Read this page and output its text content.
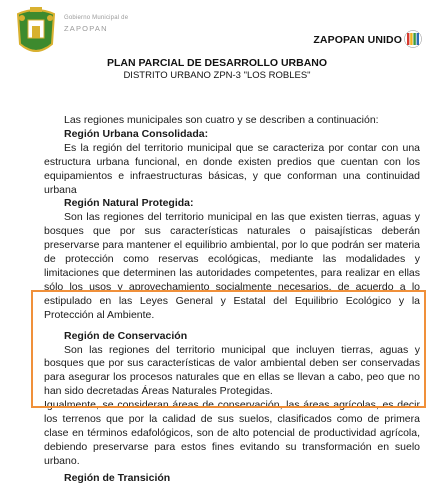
Gobierno Municipal de
ZAPOPAN
ZAPOPAN UNIDO
PLAN PARCIAL DE DESARROLLO URBANO
DISTRITO URBANO ZPN-3 "LOS ROBLES"

Las regiones municipales son cuatro y se describen a continuación:

Región Urbana Consolidada:

Es la región del territorio municipal que se caracteriza por contar con una estructura urbana funcional, en donde existen predios que cuentan con los equipamientos e infraestructuras básicas, y que conforman una continuidad urbana

Región Natural Protegida:

Son las regiones del territorio municipal en las que existen tierras, aguas y bosques que por sus características naturales o paisajísticas deberán preservarse para mantener el equilibrio ambiental, por lo que podrán ser materia de protección como reservas ecológicas, mediante las modalidades y limitaciones que determinen las autoridades competentes, para realizar en ellas sólo los usos y aprovechamiento socialmente necesarios, de acuerdo a lo estipulado en las Leyes General y Estatal del Equilibrio Ecológico y la Protección al Ambiente.

Región de Conservación

Son las regiones del territorio municipal que incluyen tierras, aguas y bosques que por sus características de valor ambiental deben ser conservadas para asegurar los procesos naturales que en ellas se llevan a cabo, peo que no han sido decretadas Áreas Naturales Protegidas.

Igualmente, se consideran áreas de conservación, las áreas agrícolas, es decir los terrenos que por la calidad de sus suelos, clasificados como de primera clase en términos edafológicos, son de alto potencial de productividad agrícola, debiendo preservarse para estos fines evitando su transformación en suelo urbano.

Región de Transición
